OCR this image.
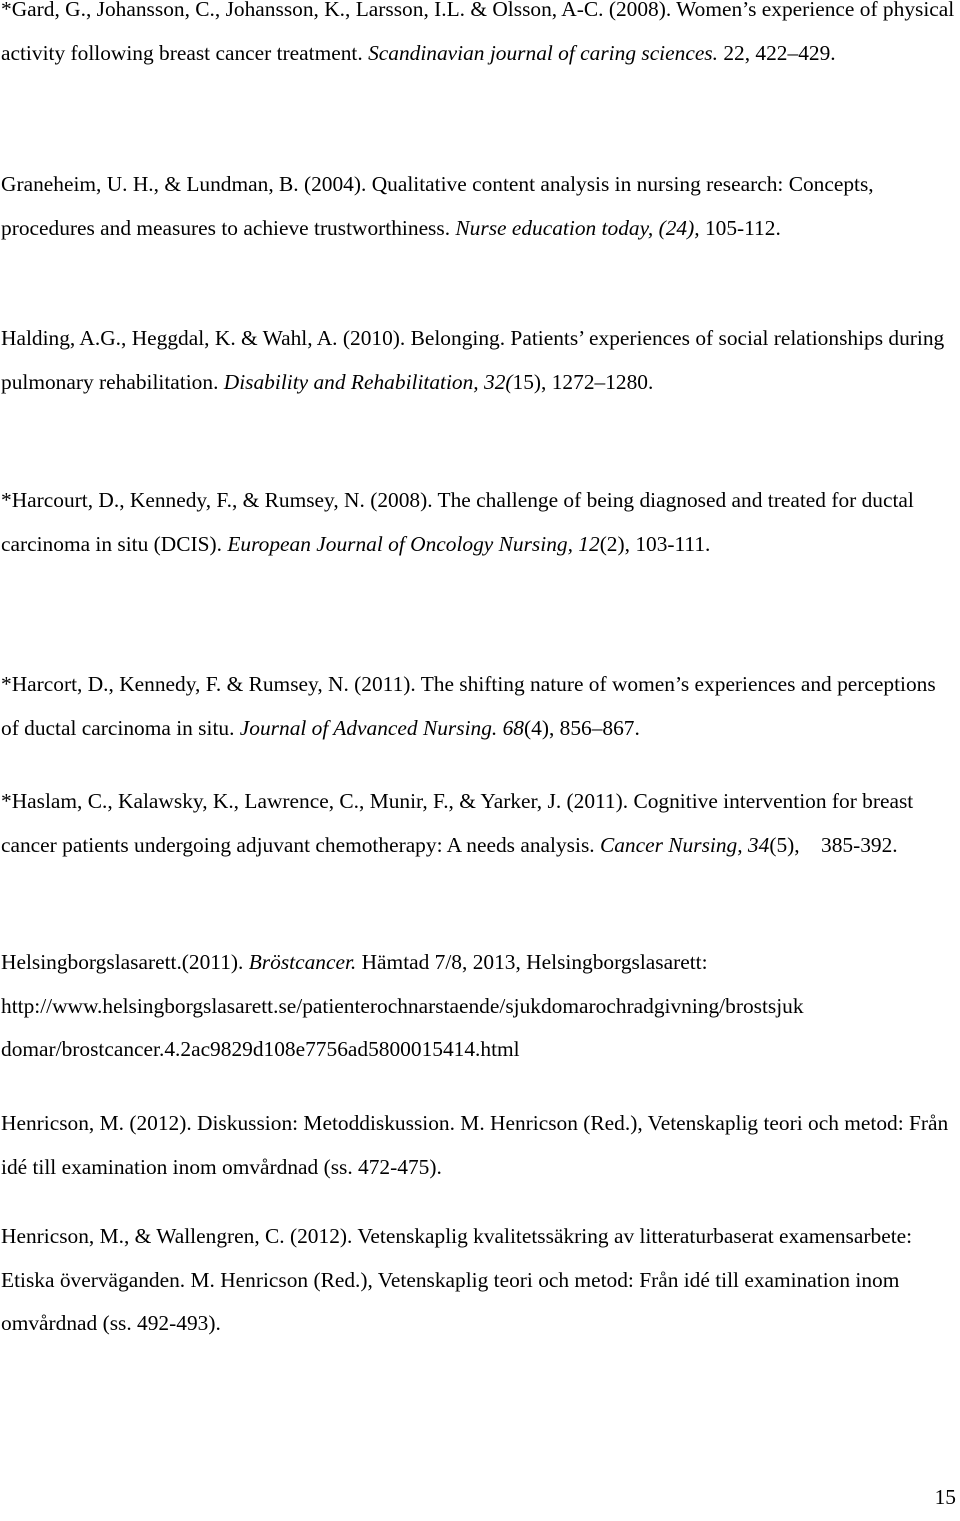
*Gard, G., Johansson, C., Johansson, K., Larsson, I.L. & Olsson, A-C. (2008). Women’s experience of physical activity following breast cancer treatment. Scandinavian journal of caring sciences. 22, 422–429.

Graneheim, U. H., & Lundman, B. (2004). Qualitative content analysis in nursing research: Concepts, procedures and measures to achieve trustworthiness. Nurse education today, (24), 105-112.

Halding, A.G., Heggdal, K. & Wahl, A. (2010). Belonging. Patients’ experiences of social relationships during pulmonary rehabilitation. Disability and Rehabilitation, 32(15), 1272–1280.

*Harcourt, D., Kennedy, F., & Rumsey, N. (2008). The challenge of being diagnosed and treated for ductal carcinoma in situ (DCIS). European Journal of Oncology Nursing, 12(2), 103-111.

*Harcort, D., Kennedy, F. & Rumsey, N. (2011). The shifting nature of women’s experiences and perceptions of ductal carcinoma in situ. Journal of Advanced Nursing. 68(4), 856–867.

*Haslam, C., Kalawsky, K., Lawrence, C., Munir, F., & Yarker, J. (2011). Cognitive intervention for breast cancer patients undergoing adjuvant chemotherapy: A needs analysis. Cancer Nursing, 34(5),    385-392.

Helsingborgslasarett.(2011). Bröstcancer. Hämtad 7/8, 2013, Helsingborgslasarett:
http://www.helsingborgslasarett.se/patienterochnarstaende/sjukdomarochradgivning/brostsjuk
domar/brostcancer.4.2ac9829d108e7756ad5800015414.html

Henricson, M. (2012). Diskussion: Metoddiskussion. M. Henricson (Red.), Vetenskaplig teori och metod: Från idé till examination inom omvårdnad (ss. 472-475).

Henricson, M., & Wallengren, C. (2012). Vetenskaplig kvalitetssäkring av litteraturbaserat examensarbete: Etiska överväganden. M. Henricson (Red.), Vetenskaplig teori och metod: Från idé till examination inom omvårdnad (ss. 492-493).

15
